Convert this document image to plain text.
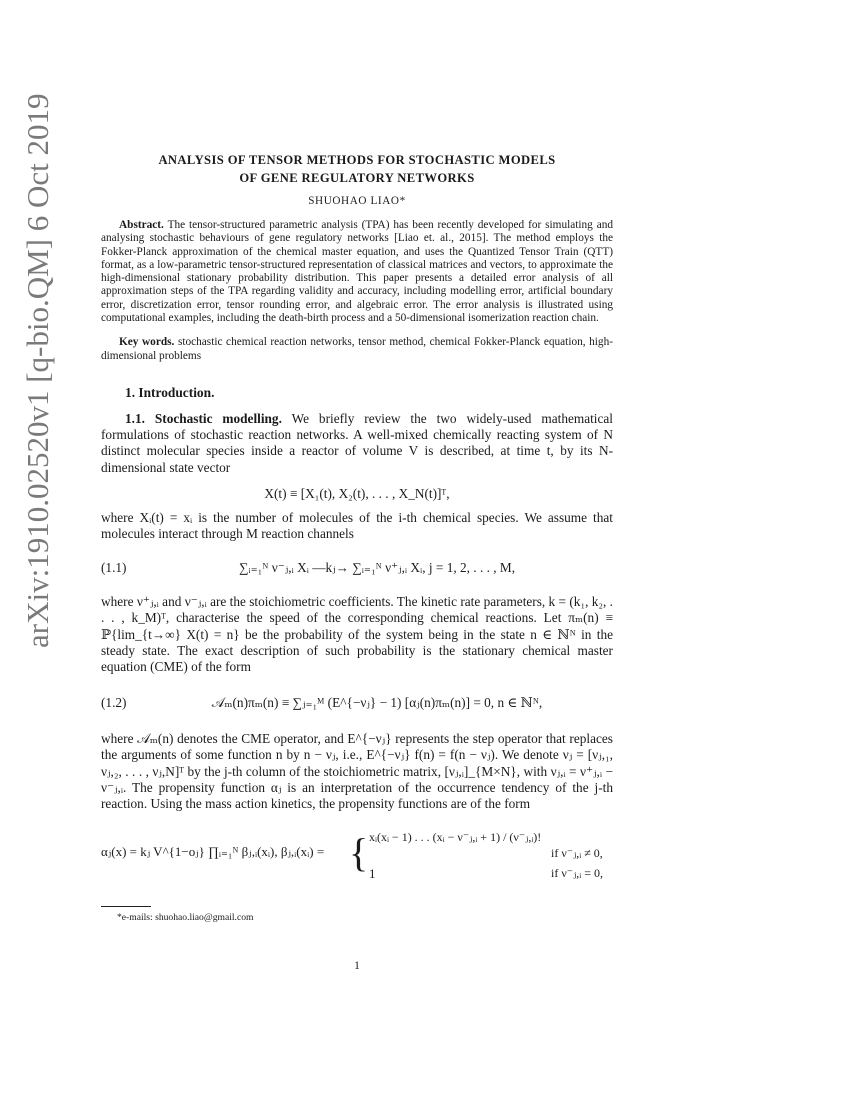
arXiv:1910.02520v1 [q-bio.QM] 6 Oct 2019	ANALYSIS OF TENSOR METHODS FOR STOCHASTIC MODELS
OF GENE REGULATORY NETWORKS
SHUOHAO LIAO*
Abstract. The tensor-structured parametric analysis (TPA) has been recently developed for simulating and analysing stochastic behaviours of gene regulatory networks [Liao et. al., 2015]. The method employs the Fokker-Planck approximation of the chemical master equation, and uses the Quantized Tensor Train (QTT) format, as a low-parametric tensor-structured representation of classical matrices and vectors, to approximate the high-dimensional stationary probability distribution. This paper presents a detailed error analysis of all approximation steps of the TPA regarding validity and accuracy, including modelling error, artificial boundary error, discretization error, tensor rounding error, and algebraic error. The error analysis is illustrated using computational examples, including the death-birth process and a 50-dimensional isomerization reaction chain.
Key words. stochastic chemical reaction networks, tensor method, chemical Fokker-Planck equation, high-dimensional problems
1. Introduction.
1.1. Stochastic modelling. We briefly review the two widely-used mathematical formulations of stochastic reaction networks. A well-mixed chemically reacting system of N distinct molecular species inside a reactor of volume V is described, at time t, by its N-dimensional state vector
X(t) ≡ [X₁(t), X₂(t), . . . , X_N(t)]ᵀ,
where Xᵢ(t) = xᵢ is the number of molecules of the i-th chemical species. We assume that molecules interact through M reaction channels
(1.1)	∑ᵢ₌₁ᴺ ν⁻ⱼ,ᵢ Xᵢ —kⱼ→ ∑ᵢ₌₁ᴺ ν⁺ⱼ,ᵢ Xᵢ, j = 1, 2, . . . , M,
where ν⁺ⱼ,ᵢ and ν⁻ⱼ,ᵢ are the stoichiometric coefficients. The kinetic rate parameters, k = (k₁, k₂, . . . , k_M)ᵀ, characterise the speed of the corresponding chemical reactions. Let πₘ(n) ≡ ℙ{lim_{t→∞} X(t) = n} be the probability of the system being in the state n ∈ ℕᴺ in the steady state. The exact description of such probability is the stationary chemical master equation (CME) of the form
(1.2)	𝒜ₘ(n)πₘ(n) ≡ ∑ⱼ₌₁ᴹ (E^{−νⱼ} − 1) [αⱼ(n)πₘ(n)] = 0, n ∈ ℕᴺ,
where 𝒜ₘ(n) denotes the CME operator, and E^{−νⱼ} represents the step operator that replaces the arguments of some function n by n − νⱼ, i.e., E^{−νⱼ} f(n) = f(n − νⱼ). We denote νⱼ = [νⱼ,₁, νⱼ,₂, . . . , νⱼ,N]ᵀ by the j-th column of the stoichiometric matrix, [νⱼ,ᵢ]_{M×N}, with νⱼ,ᵢ = ν⁺ⱼ,ᵢ − ν⁻ⱼ,ᵢ. The propensity function αⱼ is an interpretation of the occurrence tendency of the j-th reaction. Using the mass action kinetics, the propensity functions are of the form
αⱼ(x) = kⱼ V^{1−oⱼ} ∏ᵢ₌₁ᴺ βⱼ,ᵢ(xᵢ), βⱼ,ᵢ(xᵢ) = { xᵢ(xᵢ − 1) . . . (xᵢ − ν⁻ⱼ,ᵢ + 1) / (ν⁻ⱼ,ᵢ)!
if ν⁻ⱼ,ᵢ ≠ 0,
1	if ν⁻ⱼ,ᵢ = 0,
*e-mails: shuohao.liao@gmail.com
1
